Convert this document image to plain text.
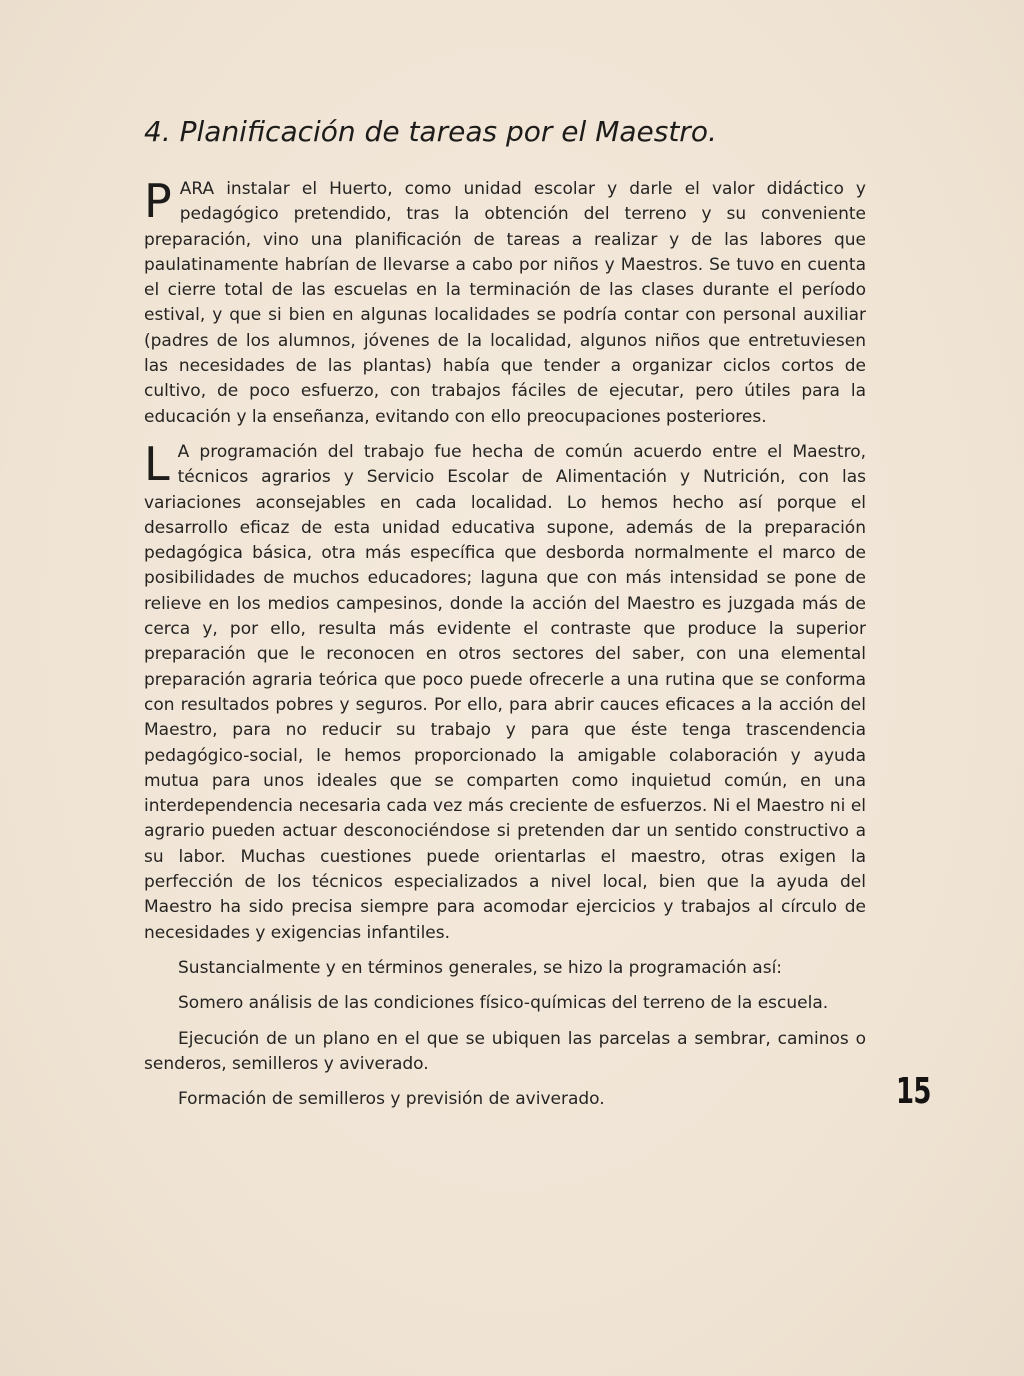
4. Planificación de tareas por el Maestro.

PARA instalar el Huerto, como unidad escolar y darle el valor didáctico y pedagógico pretendido, tras la obtención del terreno y su conveniente preparación, vino una planificación de tareas a realizar y de las labores que paulatinamente habrían de llevarse a cabo por niños y Maestros. Se tuvo en cuenta el cierre total de las escuelas en la terminación de las clases durante el período estival, y que si bien en algunas localidades se podría contar con personal auxiliar (padres de los alumnos, jóvenes de la localidad, algunos niños que entretuviesen las necesidades de las plantas) había que tender a organizar ciclos cortos de cultivo, de poco esfuerzo, con trabajos fáciles de ejecutar, pero útiles para la educación y la enseñanza, evitando con ello preocupaciones posteriores.

L A programación del trabajo fue hecha de común acuerdo entre el Maestro, técnicos agrarios y Servicio Escolar de Alimentación y Nutrición, con las variaciones aconsejables en cada localidad. Lo hemos hecho así porque el desarrollo eficaz de esta unidad educativa supone, además de la preparación pedagógica básica, otra más específica que desborda normalmente el marco de posibilidades de muchos educadores; laguna que con más intensidad se pone de relieve en los medios campesinos, donde la acción del Maestro es juzgada más de cerca y, por ello, resulta más evidente el contraste que produce la superior preparación que le reconocen en otros sectores del saber, con una elemental preparación agraria teórica que poco puede ofrecerle a una rutina que se conforma con resultados pobres y seguros. Por ello, para abrir cauces eficaces a la acción del Maestro, para no reducir su trabajo y para que éste tenga trascendencia pedagógico-social, le hemos proporcionado la amigable colaboración y ayuda mutua para unos ideales que se comparten como inquietud común, en una interdependencia necesaria cada vez más creciente de esfuerzos. Ni el Maestro ni el agrario pueden actuar desconociéndose si pretenden dar un sentido constructivo a su labor. Muchas cuestiones puede orientarlas el maestro, otras exigen la perfección de los técnicos especializados a nivel local, bien que la ayuda del Maestro ha sido precisa siempre para acomodar ejercicios y trabajos al círculo de necesidades y exigencias infantiles.

Sustancialmente y en términos generales, se hizo la programación así:

Somero análisis de las condiciones físico-químicas del terreno de la escuela.

Ejecución de un plano en el que se ubiquen las parcelas a sembrar, caminos o senderos, semilleros y aviverado.

Formación de semilleros y previsión de aviverado.	15
